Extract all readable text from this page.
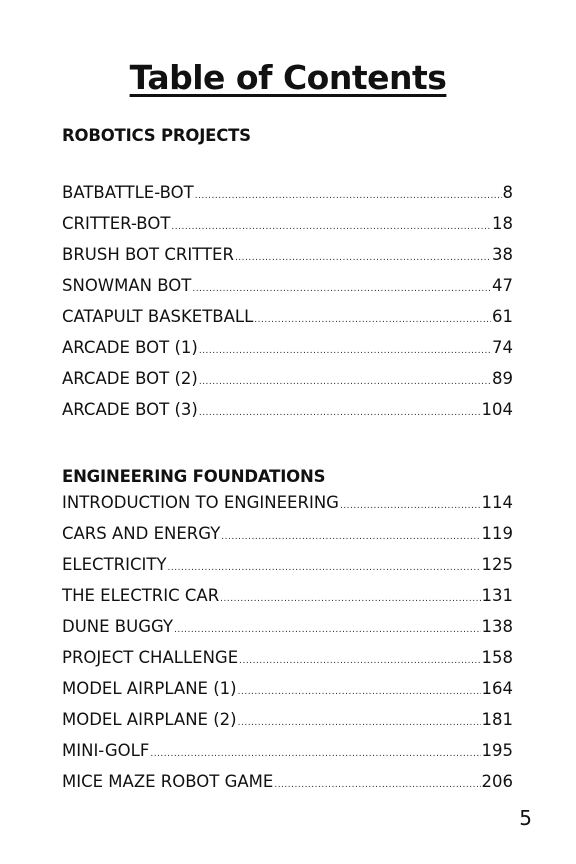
Table of Contents
ROBOTICS PROJECTS
BATBATTLE-BOT .....	8
CRITTER-BOT .....	18
BRUSH BOT CRITTER .....	38
SNOWMAN BOT .....	47
CATAPULT BASKETBALL .....	61
ARCADE BOT (1) .....	74
ARCADE BOT (2) .....	89
ARCADE BOT (3) .....	104
ENGINEERING FOUNDATIONS
INTRODUCTION TO ENGINEERING .....	114
CARS AND ENERGY .....	119
ELECTRICITY .....	125
THE ELECTRIC CAR .....	131
DUNE BUGGY .....	138
PROJECT CHALLENGE .....	158
MODEL AIRPLANE (1) .....	164
MODEL AIRPLANE (2) .....	181
MINI-GOLF .....	195
MICE MAZE ROBOT GAME .....	206

5
